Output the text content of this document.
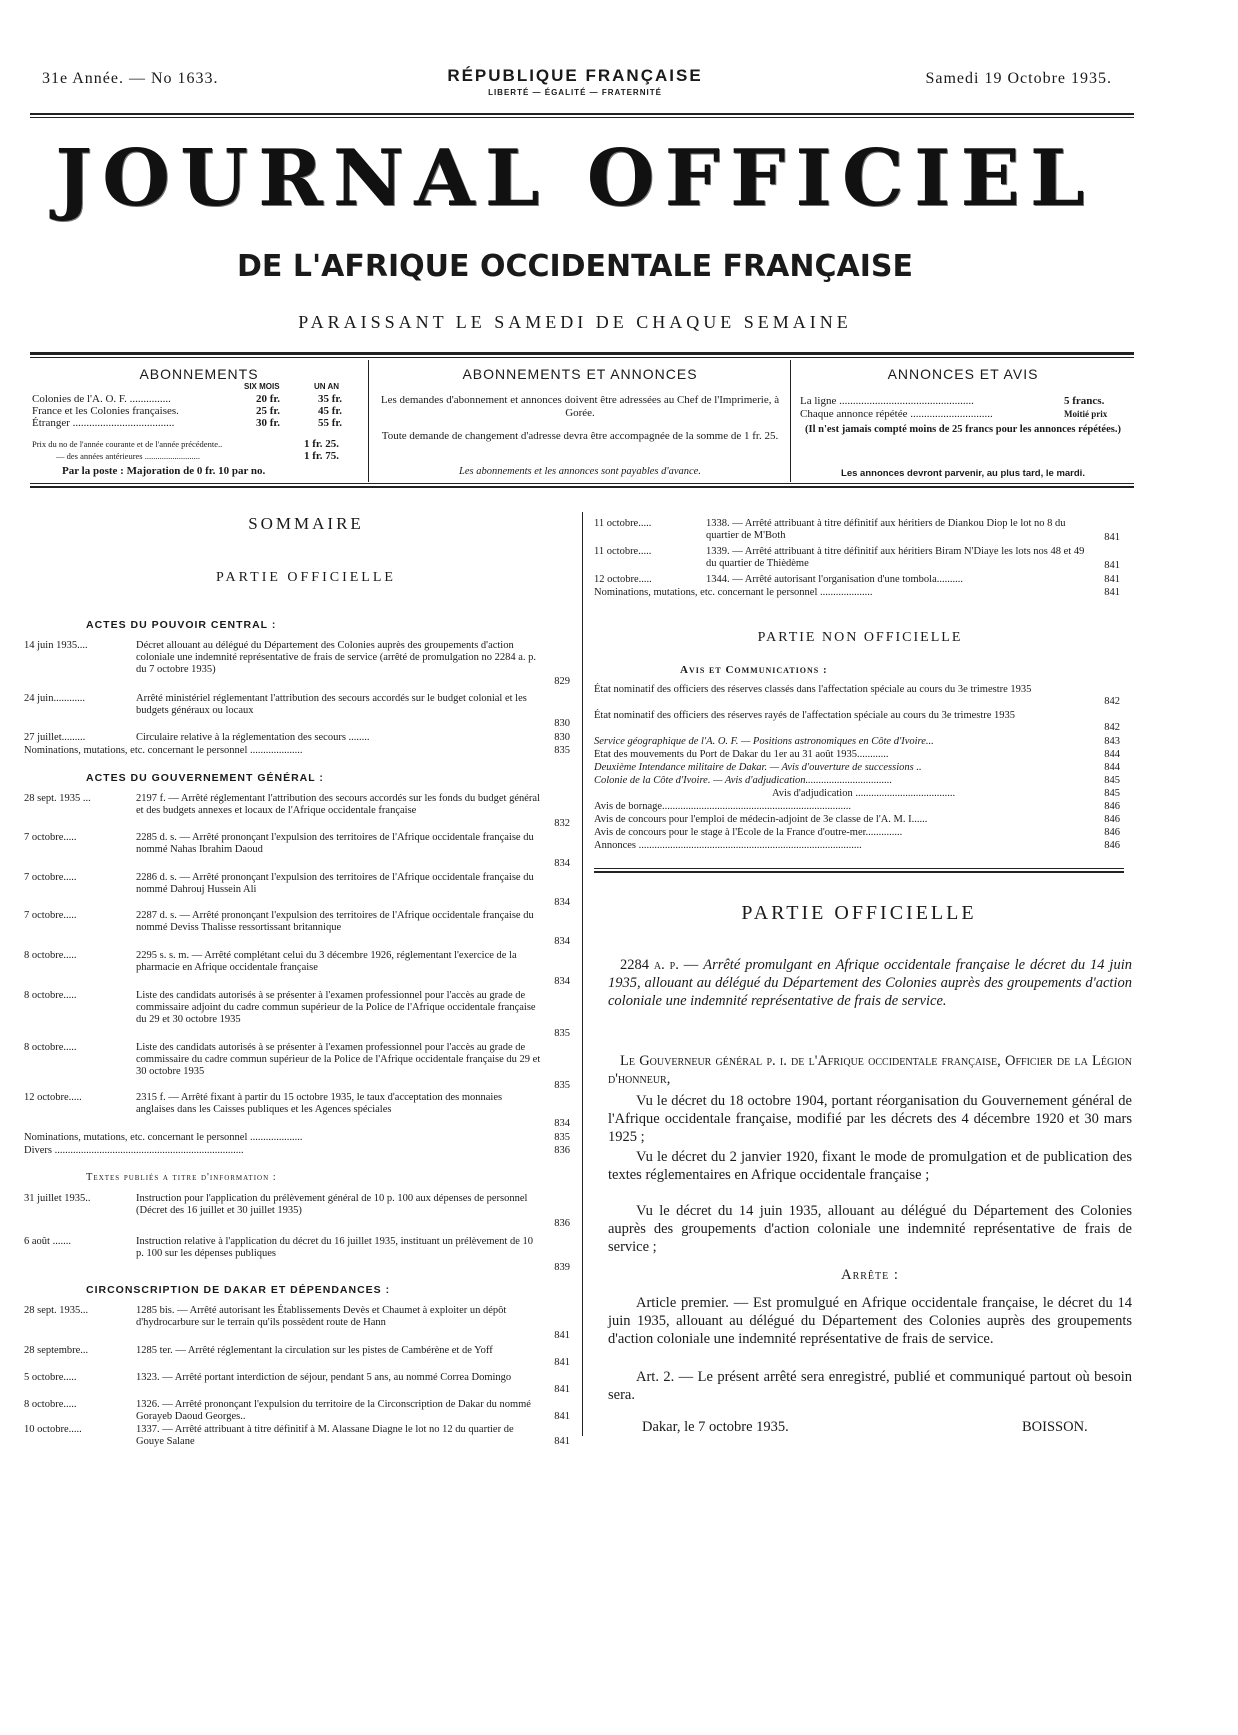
31e Année. — No 1633.	RÉPUBLIQUE FRANÇAISE
LIBERTÉ — ÉGALITÉ — FRATERNITÉ
Samedi 19 Octobre 1935.
JOURNAL OFFICIEL
DE L'AFRIQUE OCCIDENTALE FRANÇAISE
PARAISSANT LE SAMEDI DE CHAQUE SEMAINE
ABONNEMENTS
SIX MOIS	UN AN
Colonies de l'A. O. F. ...............	20 fr.	35 fr.
France et les Colonies françaises.	25 fr.	45 fr.
Étranger .....................................	30 fr.	55 fr.
Prix du no de l'année courante et de l'année précédente..	1 fr. 25.
— des années antérieures ..........................	1 fr. 75.
Par la poste : Majoration de 0 fr. 10 par no.
ABONNEMENTS ET ANNONCES
Les demandes d'abonnement et annonces doivent être adressées au Chef de l'Imprimerie, à Gorée.
Toute demande de changement d'adresse devra être accompagnée de la somme de 1 fr. 25.
Les abonnements et les annonces sont payables d'avance.
ANNONCES ET AVIS
La ligne .................................................	5 francs.
Chaque annonce répétée ..............................	Moitié prix
(Il n'est jamais compté moins de 25 francs pour les annonces répétées.)
Les annonces devront parvenir, au plus tard, le mardi.
SOMMAIRE
PARTIE OFFICIELLE
ACTES DU POUVOIR CENTRAL :
14 juin 1935....	Décret allouant au délégué du Département des Colonies auprès des groupements d'action coloniale une indemnité représentative de frais de service (arrêté de promulgation no 2284 a. p. du 7 octobre 1935)
829
24 juin............	Arrêté ministériel réglementant l'attribution des secours accordés sur le budget colonial et les budgets généraux ou locaux
830
27 juillet.........	Circulaire relative à la réglementation des secours ........	830
Nominations, mutations, etc. concernant le personnel ....................	835
ACTES DU GOUVERNEMENT GÉNÉRAL :
28 sept. 1935 ...	2197 f. — Arrêté réglementant l'attribution des secours accordés sur les fonds du budget général et des budgets annexes et locaux de l'Afrique occidentale française
832
7 octobre.....	2285 d. s. — Arrêté prononçant l'expulsion des territoires de l'Afrique occidentale française du nommé Nahas Ibrahim Daoud
834
7 octobre.....	2286 d. s. — Arrêté prononçant l'expulsion des territoires de l'Afrique occidentale française du nommé Dahrouj Hussein Ali
834
7 octobre.....	2287 d. s. — Arrêté prononçant l'expulsion des territoires de l'Afrique occidentale française du nommé Deviss Thalisse ressortissant britannique
834
8 octobre.....	2295 s. s. m. — Arrêté complétant celui du 3 décembre 1926, réglementant l'exercice de la pharmacie en Afrique occidentale française
834
8 octobre.....	Liste des candidats autorisés à se présenter à l'examen professionnel pour l'accès au grade de commissaire adjoint du cadre commun supérieur de la Police de l'Afrique occidentale française du 29 et 30 octobre 1935
835
8 octobre.....	Liste des candidats autorisés à se présenter à l'examen professionnel pour l'accès au grade de commissaire du cadre commun supérieur de la Police de l'Afrique occidentale française du 29 et 30 octobre 1935
835
12 octobre.....	2315 f. — Arrêté fixant à partir du 15 octobre 1935, le taux d'acceptation des monnaies anglaises dans les Caisses publiques et les Agences spéciales
834
Nominations, mutations, etc. concernant le personnel ....................	835
Divers ........................................................................	836
Textes publiés a titre d'information :
31 juillet 1935..	Instruction pour l'application du prélèvement général de 10 p. 100 aux dépenses de personnel (Décret des 16 juillet et 30 juillet 1935)
836
6 août .......	Instruction relative à l'application du décret du 16 juillet 1935, instituant un prélèvement de 10 p. 100 sur les dépenses publiques
839
CIRCONSCRIPTION DE DAKAR ET DÉPENDANCES :
28 sept. 1935...	1285 bis. — Arrêté autorisant les Établissements Devès et Chaumet à exploiter un dépôt d'hydrocarbure sur le terrain qu'ils possèdent route de Hann
841
28 septembre...	1285 ter. — Arrêté réglementant la circulation sur les pistes de Cambérène et de Yoff
841
5 octobre.....	1323. — Arrêté portant interdiction de séjour, pendant 5 ans, au nommé Correa Domingo
841
8 octobre.....	1326. — Arrêté prononçant l'expulsion du territoire de la Circonscription de Dakar du nommé Gorayeb Daoud Georges..	841
10 octobre.....	1337. — Arrêté attribuant à titre définitif à M. Alassane Diagne le lot no 12 du quartier de Gouye Salane	841
11 octobre.....	1338. — Arrêté attribuant à titre définitif aux héritiers de Diankou Diop le lot no 8 du quartier de M'Both	841
11 octobre.....	1339. — Arrêté attribuant à titre définitif aux héritiers Biram N'Diaye les lots nos 48 et 49 du quartier de Thièdème	841
12 octobre.....	1344. — Arrêté autorisant l'organisation d'une tombola..........	841
Nominations, mutations, etc. concernant le personnel ....................	841
PARTIE NON OFFICIELLE
Avis et Communications :
État nominatif des officiers des réserves classés dans l'affectation spéciale au cours du 3e trimestre 1935
842
État nominatif des officiers des réserves rayés de l'affectation spéciale au cours du 3e trimestre 1935
842
Service géographique de l'A. O. F. — Positions astronomiques en Côte d'Ivoire...	843
État des mouvements du Port de Dakar du 1er au 31 août 1935............	844
Deuxième Intendance militaire de Dakar. — Avis d'ouverture de successions ..	844
Colonie de la Côte d'Ivoire. — Avis d'adjudication.................................	845
Avis d'adjudication ......................................	845
Avis de bornage........................................................................	846
Avis de concours pour l'emploi de médecin-adjoint de 3e classe de l'A. M. I......	846
Avis de concours pour le stage à l'École de la France d'outre-mer..............	846
Annonces .....................................................................................	846
PARTIE OFFICIELLE
2284 a. p. — Arrêté promulgant en Afrique occidentale française le décret du 14 juin 1935, allouant au délégué du Département des Colonies auprès des groupements d'action coloniale une indemnité représentative de frais de service.
Le Gouverneur général p. i. de l'Afrique occidentale française, Officier de la Légion d'honneur,
Vu le décret du 18 octobre 1904, portant réorganisation du Gouvernement général de l'Afrique occidentale française, modifié par les décrets des 4 décembre 1920 et 30 mars 1925 ;
Vu le décret du 2 janvier 1920, fixant le mode de promulgation et de publication des textes réglementaires en Afrique occidentale française ;
Vu le décret du 14 juin 1935, allouant au délégué du Département des Colonies auprès des groupements d'action coloniale une indemnité représentative de frais de service ;
Arrête :
Article premier. — Est promulgué en Afrique occidentale française, le décret du 14 juin 1935, allouant au délégué du Département des Colonies auprès des groupements d'action coloniale une indemnité représentative de frais de service.
Art. 2. — Le présent arrêté sera enregistré, publié et communiqué partout où besoin sera.
Dakar, le 7 octobre 1935.	BOISSON.
